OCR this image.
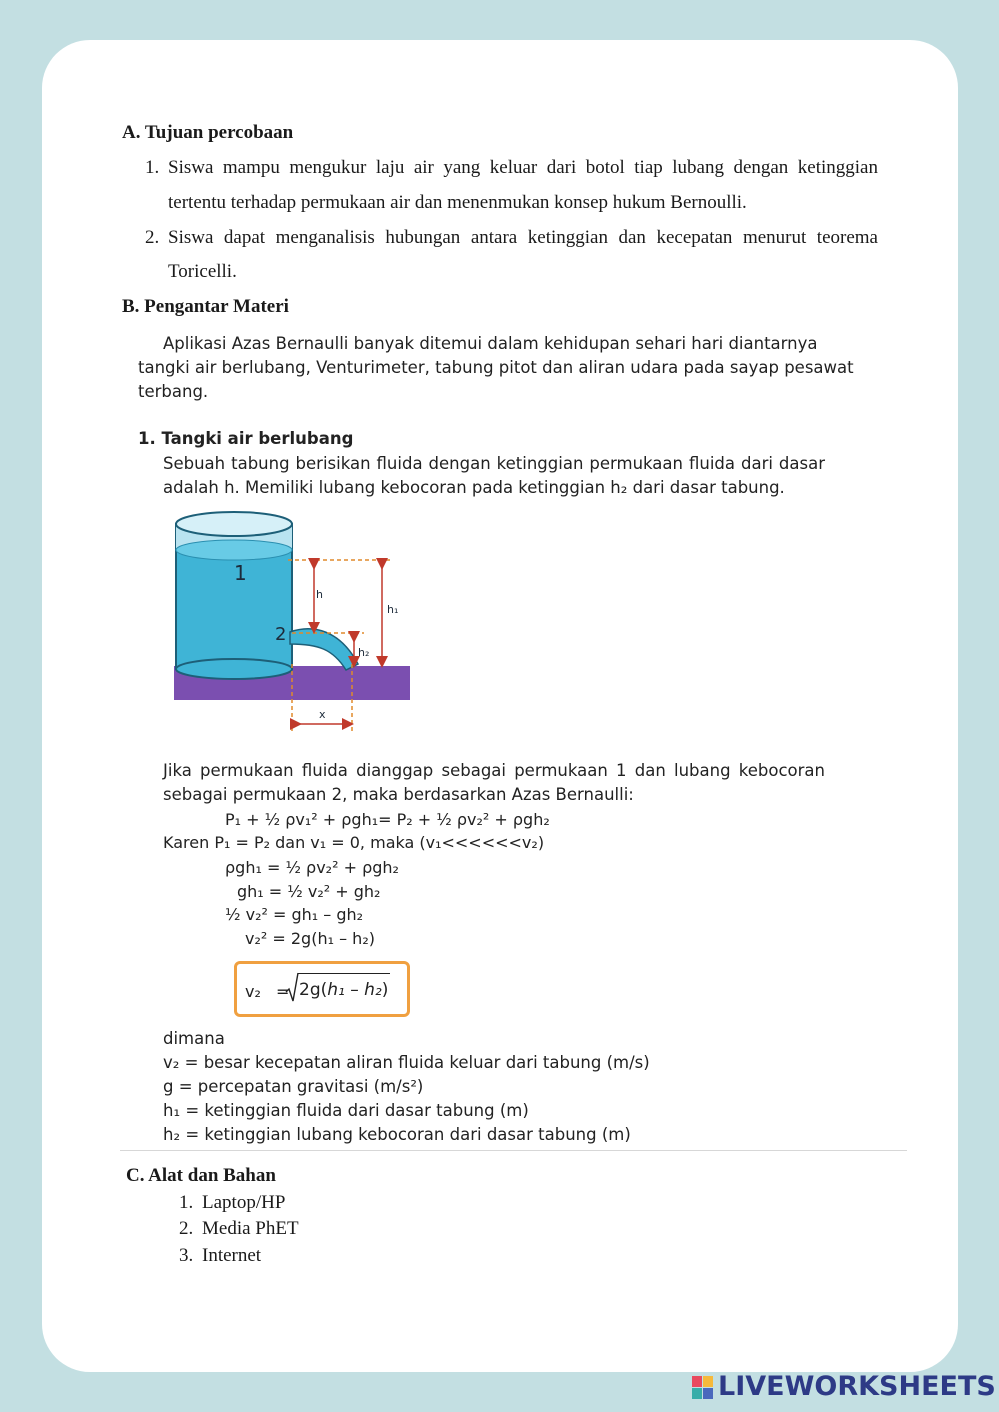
A. Tujuan percobaan
1. Siswa mampu mengukur laju air yang keluar dari botol tiap lubang dengan ketinggian
tertentu terhadap permukaan air dan menenmukan konsep hukum Bernoulli.
2. Siswa dapat menganalisis hubungan antara ketinggian dan kecepatan menurut teorema
Toricelli.
B. Pengantar Materi
Aplikasi Azas Bernaulli banyak ditemui dalam kehidupan sehari hari diantarnya
tangki air berlubang, Venturimeter, tabung pitot dan aliran udara pada sayap pesawat
terbang.
1. Tangki air berlubang
Sebuah tabung berisikan fluida dengan ketinggian permukaan fluida dari dasar
adalah h. Memiliki lubang kebocoran pada ketinggian h₂ dari dasar tabung.
1
2
h
h₁
h₂
x
Jika permukaan fluida dianggap sebagai permukaan 1 dan lubang kebocoran
sebagai permukaan 2, maka berdasarkan Azas Bernaulli:
P₁ + ½ ρv₁² + ρgh₁= P₂ + ½ ρv₂² + ρgh₂
Karen P₁ = P₂ dan v₁ = 0, maka (v₁<<<<<<v₂)
ρgh₁ = ½ ρv₂² + ρgh₂
gh₁ = ½ v₂² + gh₂
½ v₂² = gh₁ – gh₂
v₂² = 2g(h₁ – h₂)
v₂ = 2g(h₁ – h₂)
dimana
v₂ = besar kecepatan aliran fluida keluar dari tabung (m/s)
g = percepatan gravitasi (m/s²)
h₁ = ketinggian fluida dari dasar tabung (m)
h₂ = ketinggian lubang kebocoran dari dasar tabung (m)
C. Alat dan Bahan
1. Laptop/HP
2. Media PhET
3. Internet
LIVEWORKSHEETS
